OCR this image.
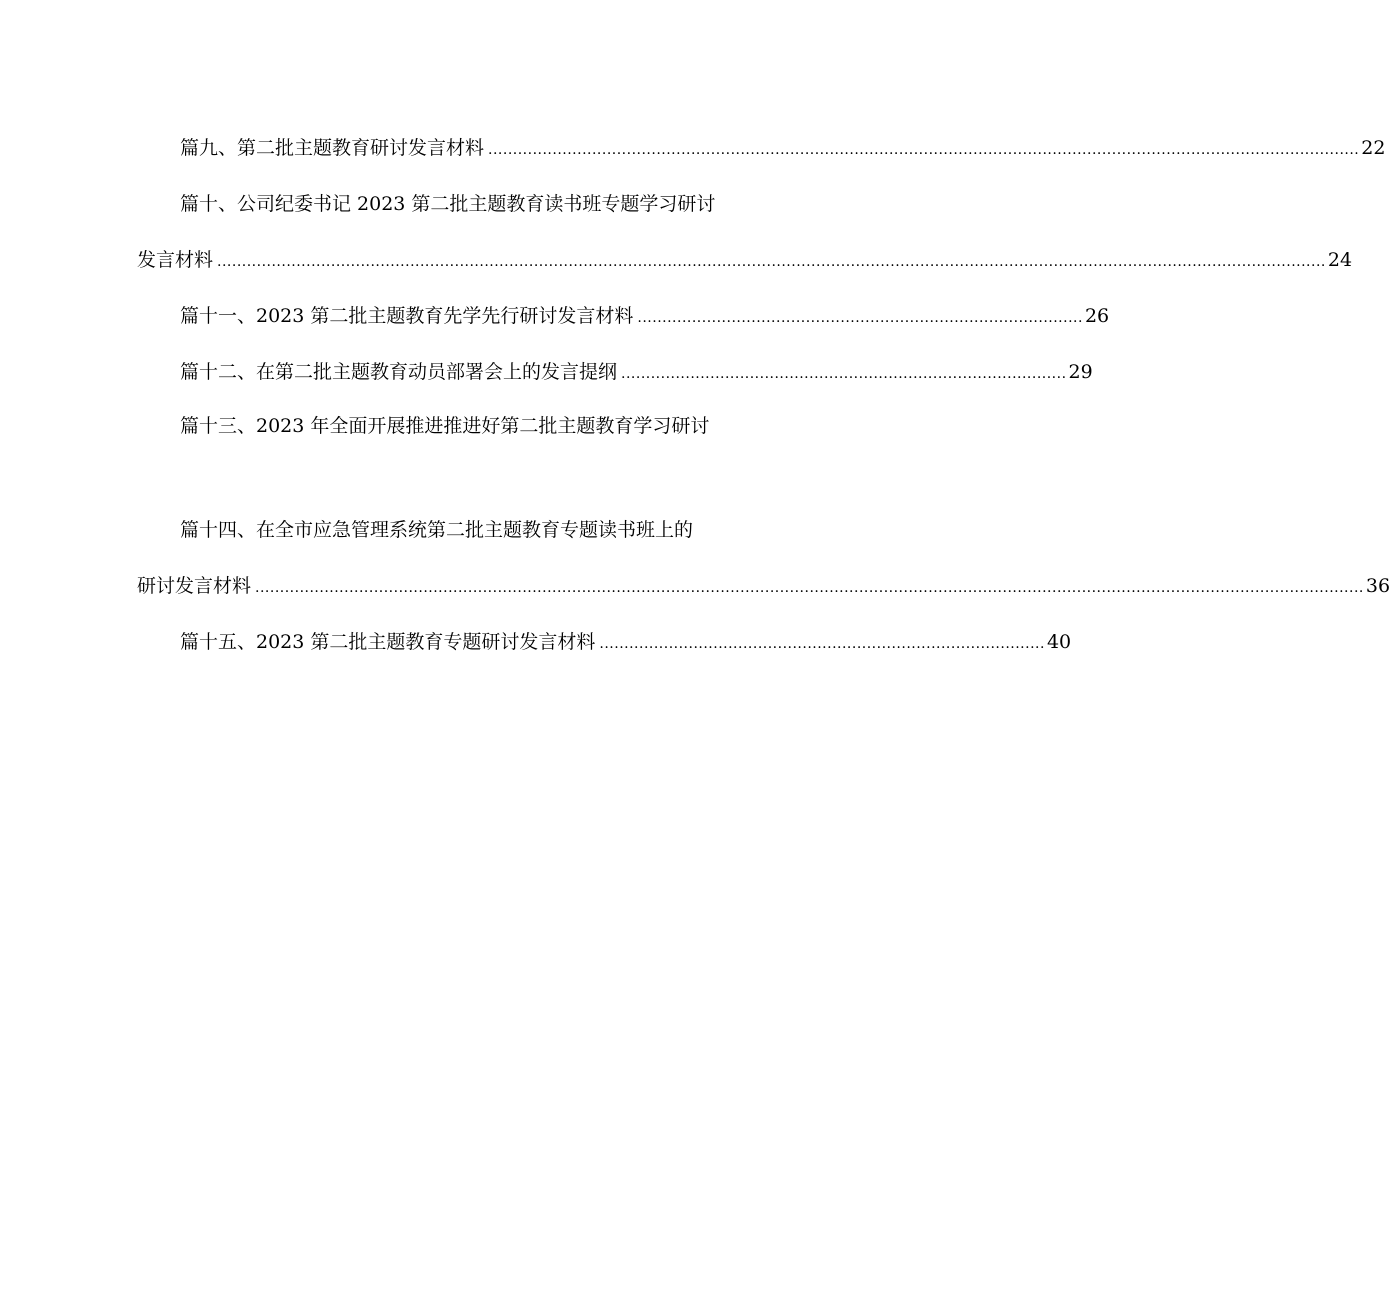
篇九、第二批主题教育研讨发言材料 ................................................................................................................................................................................ 22
篇十、公司纪委书记 2023 第二批主题教育读书班专题学习研讨
发言材料 ................................................................................................................................................................................................................................ 24
篇十一、2023 第二批主题教育先学先行研讨发言材料 .......................................................................................... 26
篇十二、在第二批主题教育动员部署会上的发言提纲 .......................................................................................... 29
篇十三、2023 年全面开展推进推进好第二批主题教育学习研讨
篇十四、在全市应急管理系统第二批主题教育专题读书班上的
研讨发言材料 ................................................................................................................................................................................................................................ 36
篇十五、2023 第二批主题教育专题研讨发言材料 .......................................................................................... 40
